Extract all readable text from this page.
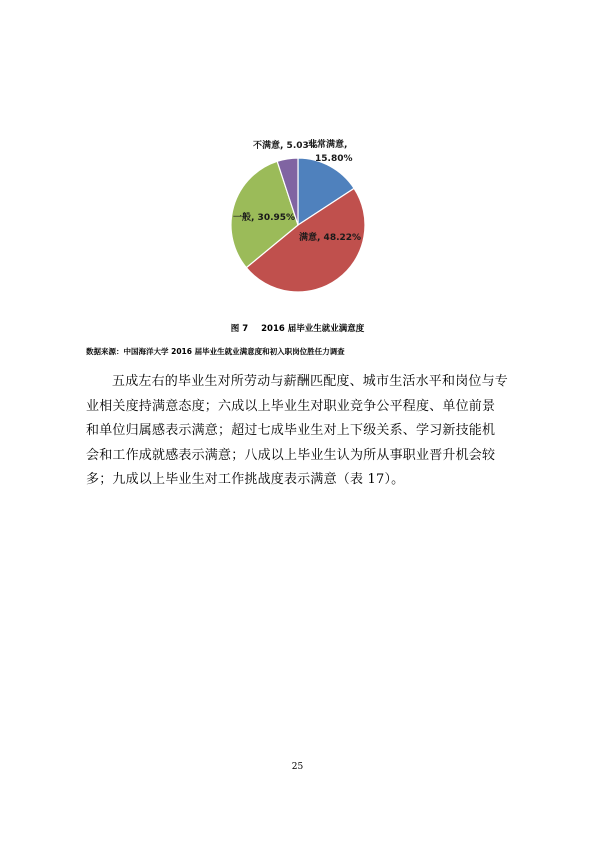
非常满意,
15.80%
满意, 48.22%
一般, 30.95%
不满意, 5.03%
图 7 2016 届毕业生就业满意度
数据来源：中国海洋大学 2016 届毕业生就业满意度和初入职岗位胜任力调查

五成左右的毕业生对所劳动与薪酬匹配度、城市生活水平和岗位与专业相关度持满意态度；六成以上毕业生对职业竞争公平程度、单位前景和单位归属感表示满意；超过七成毕业生对上下级关系、学习新技能机会和工作成就感表示满意；八成以上毕业生认为所从事职业晋升机会较多；九成以上毕业生对工作挑战度表示满意（表 17）。

25
